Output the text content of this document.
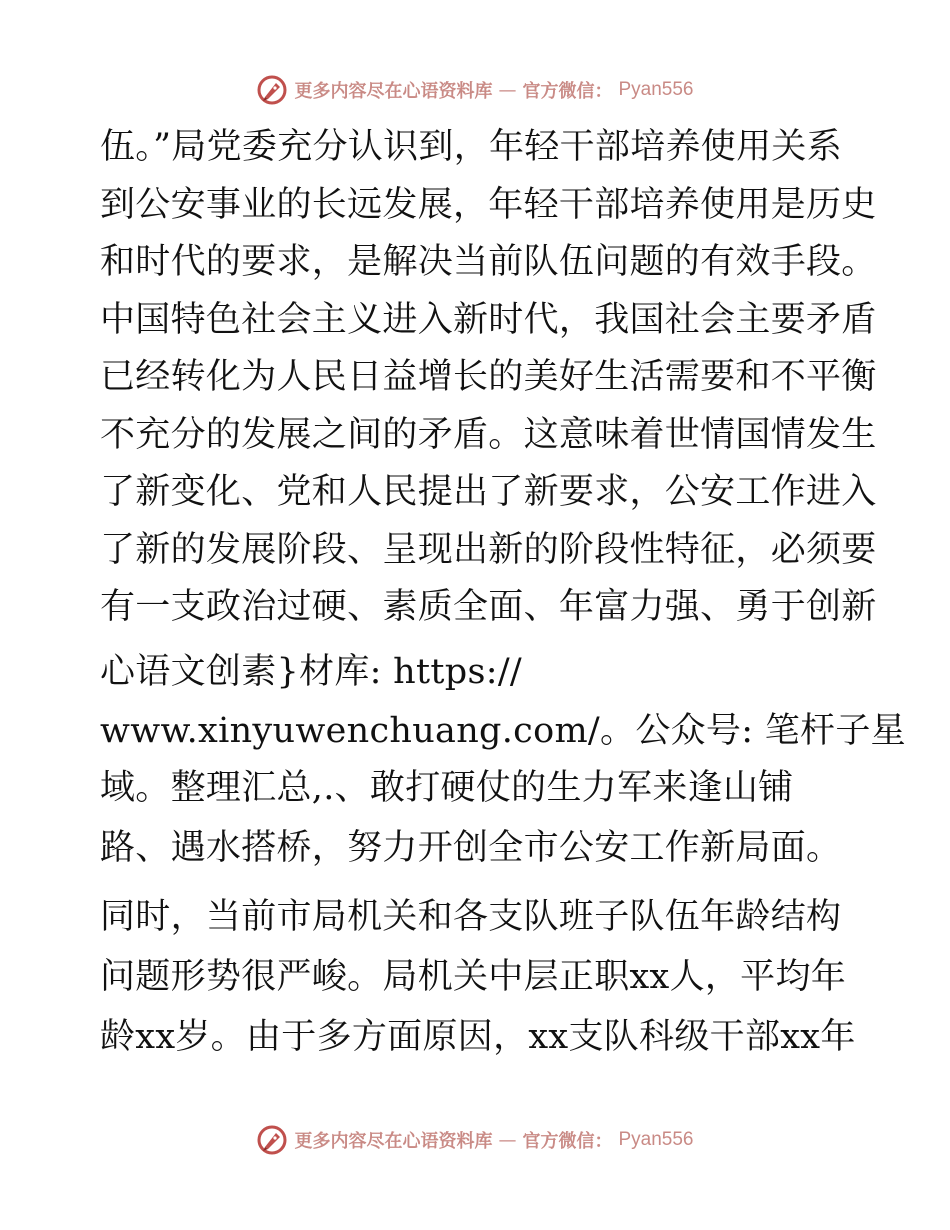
更多内容尽在心语资料库 — 官方微信： Pyan556
伍。”局党委充分认识到，年轻干部培养使用关系
到公安事业的长远发展，年轻干部培养使用是历史
和时代的要求，是解决当前队伍问题的有效手段。
中国特色社会主义进入新时代，我国社会主要矛盾
已经转化为人民日益增长的美好生活需要和不平衡
不充分的发展之间的矛盾。这意味着世情国情发生
了新变化、党和人民提出了新要求，公安工作进入
了新的发展阶段、呈现出新的阶段性特征，必须要
有一支政治过硬、素质全面、年富力强、勇于创新
心语文创素}材库: https://
www.xinyuwenchuang.com/。公众号: 笔杆子星
域。整理汇总,.、敢打硬仗的生力军来逢山铺
路、遇水搭桥，努力开创全市公安工作新局面。
同时，当前市局机关和各支队班子队伍年龄结构
问题形势很严峻。局机关中层正职xx人，平均年
龄xx岁。由于多方面原因，xx支队科级干部xx年
更多内容尽在心语资料库 — 官方微信： Pyan556
